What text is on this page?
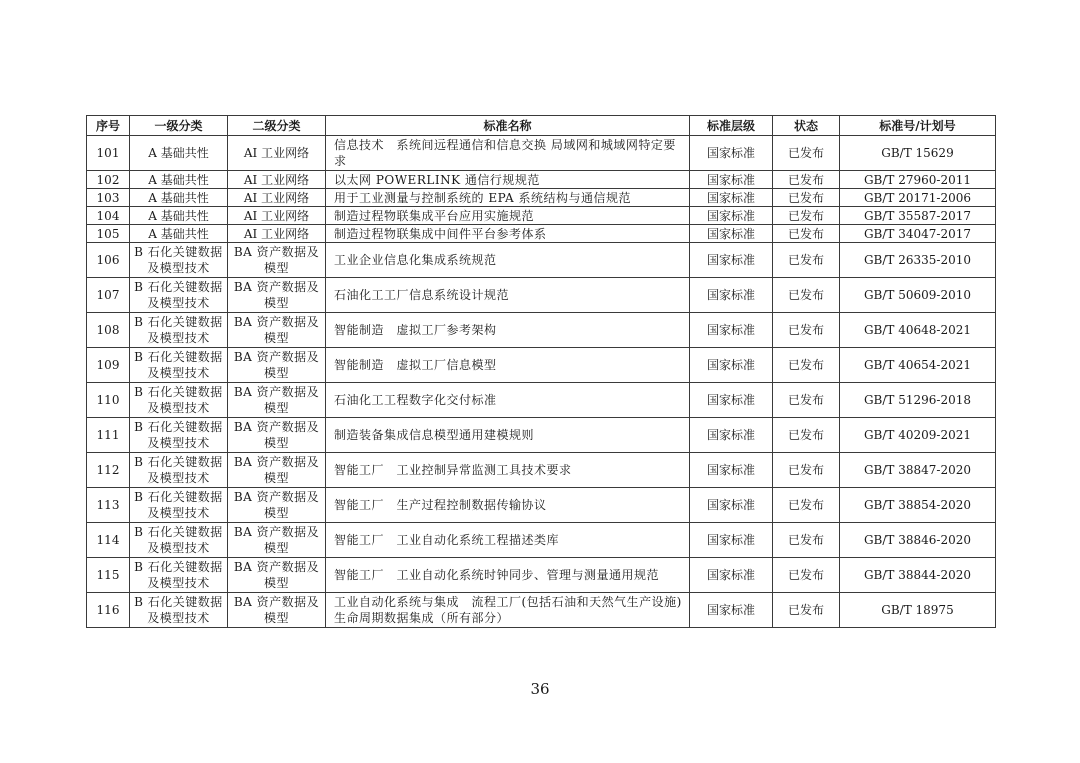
序号	一级分类	二级分类	标准名称	标准层级	状态	标准号/计划号
101	A 基础共性	AI 工业网络	信息技术　系统间远程通信和信息交换 局域网和城域网特定要求	国家标准	已发布	GB/T 15629
102	A 基础共性	AI 工业网络	以太网 POWERLINK 通信行规规范	国家标准	已发布	GB/T 27960-2011
103	A 基础共性	AI 工业网络	用于工业测量与控制系统的 EPA 系统结构与通信规范	国家标准	已发布	GB/T 20171-2006
104	A 基础共性	AI 工业网络	制造过程物联集成平台应用实施规范	国家标准	已发布	GB/T 35587-2017
105	A 基础共性	AI 工业网络	制造过程物联集成中间件平台参考体系	国家标准	已发布	GB/T 34047-2017
106	B 石化关键数据及模型技术	BA 资产数据及模型	工业企业信息化集成系统规范	国家标准	已发布	GB/T 26335-2010
107	B 石化关键数据及模型技术	BA 资产数据及模型	石油化工工厂信息系统设计规范	国家标准	已发布	GB/T 50609-2010
108	B 石化关键数据及模型技术	BA 资产数据及模型	智能制造　虚拟工厂参考架构	国家标准	已发布	GB/T 40648-2021
109	B 石化关键数据及模型技术	BA 资产数据及模型	智能制造　虚拟工厂信息模型	国家标准	已发布	GB/T 40654-2021
110	B 石化关键数据及模型技术	BA 资产数据及模型	石油化工工程数字化交付标准	国家标准	已发布	GB/T 51296-2018
111	B 石化关键数据及模型技术	BA 资产数据及模型	制造装备集成信息模型通用建模规则	国家标准	已发布	GB/T 40209-2021
112	B 石化关键数据及模型技术	BA 资产数据及模型	智能工厂　工业控制异常监测工具技术要求	国家标准	已发布	GB/T 38847-2020
113	B 石化关键数据及模型技术	BA 资产数据及模型	智能工厂　生产过程控制数据传输协议	国家标准	已发布	GB/T 38854-2020
114	B 石化关键数据及模型技术	BA 资产数据及模型	智能工厂　工业自动化系统工程描述类库	国家标准	已发布	GB/T 38846-2020
115	B 石化关键数据及模型技术	BA 资产数据及模型	智能工厂　工业自动化系统时钟同步、管理与测量通用规范	国家标准	已发布	GB/T 38844-2020
116	B 石化关键数据及模型技术	BA 资产数据及模型	工业自动化系统与集成　流程工厂(包括石油和天然气生产设施)生命周期数据集成（所有部分）	国家标准	已发布	GB/T 18975
36
